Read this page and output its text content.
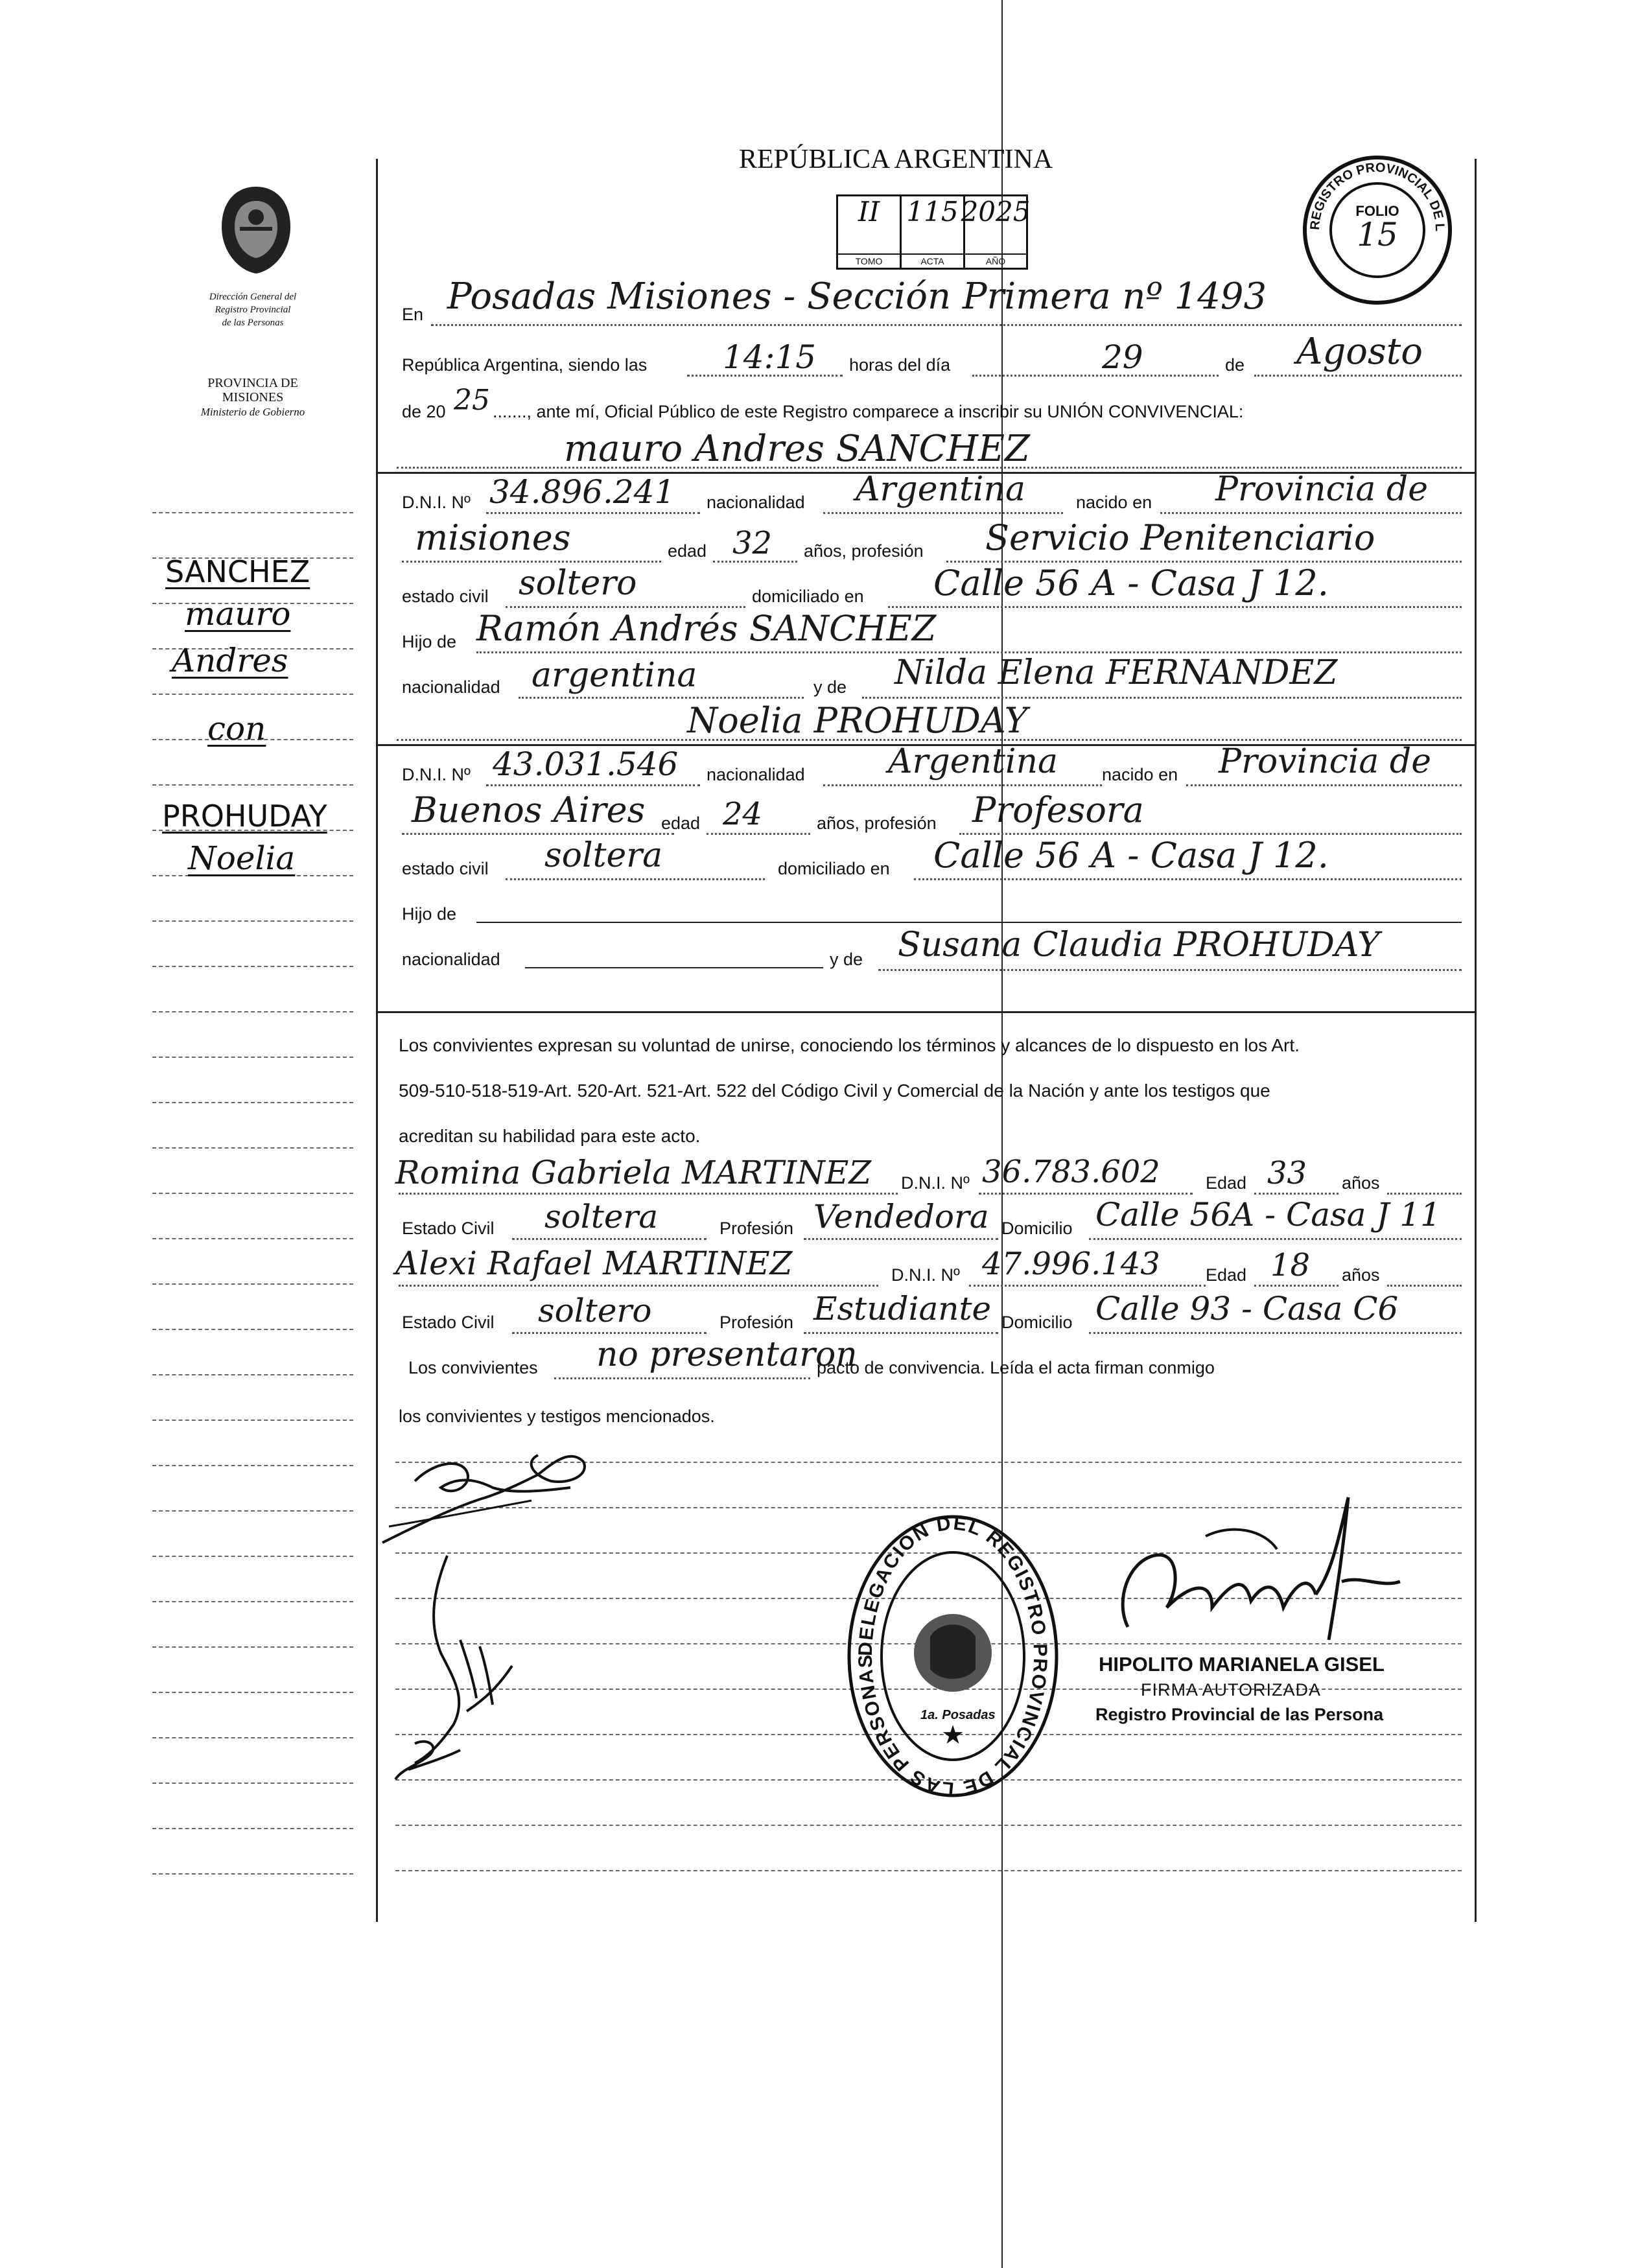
REPÚBLICA ARGENTINA
II
TOMO
115
ACTA
2025
AÑO
REGISTRO PROVINCIAL DE L
FOLIO
15
Dirección General del
Registro Provincial
de las Personas
PROVINCIA DE
MISIONES
Ministerio de Gobierno
SANCHEZ
mauro
Andres
con
PROHUDAY
Noelia
En Posadas Misiones - Sección Primera nº 1493
República Argentina, siendo las 14:15 horas del día	29	de Agosto
de 20 25 ......., ante mí, Oficial Público de este Registro comparece a inscribir su UNIÓN CONVIVENCIAL:
mauro Andres SANCHEZ
D.N.I. Nº 34.896.241 nacionalidad Argentina	nacido en Provincia de
misiones	edad 32 años, profesión Servicio Penitenciario
estado civil soltero	domiciliado en Calle 56 A - Casa J 12.
Hijo de Ramón Andrés SANCHEZ
nacionalidad argentina	y de Nilda Elena FERNANDEZ
Noelia PROHUDAY
D.N.I. Nº 43.031.546 nacionalidad Argentina	nacido en Provincia de
Buenos Aires edad 24	años, profesión Profesora
estado civil soltera	domiciliado en Calle 56 A - Casa J 12.
Hijo de
nacionalidad	y de Susana Claudia PROHUDAY
Los convivientes expresan su voluntad de unirse, conociendo los términos y alcances de lo dispuesto en los Art.
509-510-518-519-Art. 520-Art. 521-Art. 522 del Código Civil y Comercial de la Nación y ante los testigos que
acreditan su habilidad para este acto.
Romina Gabriela MARTINEZ D.N.I. Nº 36.783.602	Edad 33 años
Estado Civil soltera	Profesión Vendedora Domicilio Calle 56A - Casa J 11
Alexi Rafael MARTINEZ	D.N.I. Nº 47.996.143	Edad 18 años
Estado Civil soltero	Profesión Estudiante Domicilio Calle 93 - Casa C6
Los convivientes no presentaron
pacto de convivencia. Leída el acta firman conmigo
los convivientes y testigos mencionados.
DELEGACIÓN DEL REGISTRO PROVINCIAL DE LAS PERSONAS
★
1a. Posadas
HIPOLITO MARIANELA GISEL
FIRMA AUTORIZADA
Registro Provincial de las Persona
